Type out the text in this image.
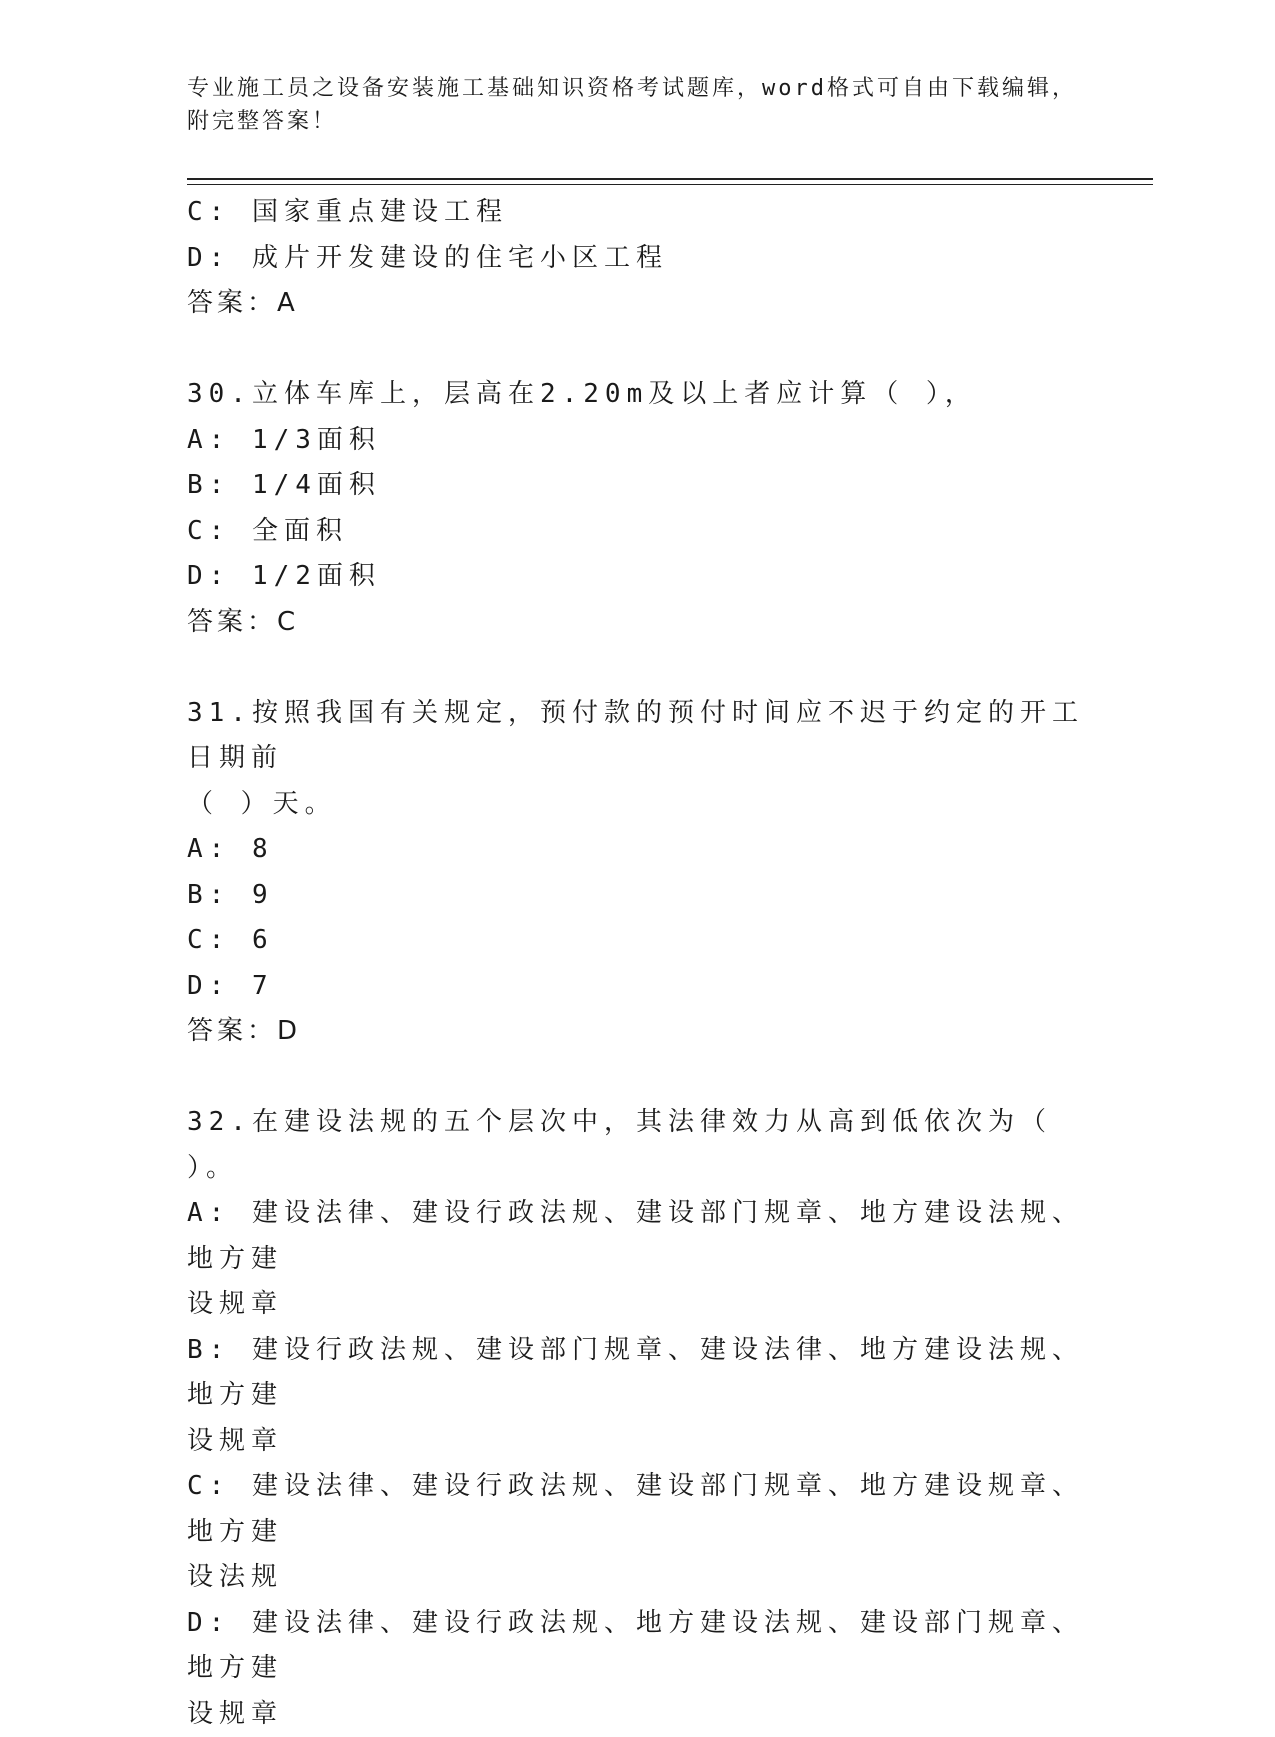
专业施工员之设备安装施工基础知识资格考试题库，word格式可自由下载编辑，
附完整答案！
C: 国家重点建设工程
D: 成片开发建设的住宅小区工程
答案：A
30.立体车库上，层高在2.20m及以上者应计算（ ），
A: 1/3面积
B: 1/4面积
C: 全面积
D: 1/2面积
答案：C
31.按照我国有关规定，预付款的预付时间应不迟于约定的开工日期前
（ ）天。
A: 8
B: 9
C: 6
D: 7
答案：D
32.在建设法规的五个层次中，其法律效力从高到低依次为（ ）。
A: 建设法律、建设行政法规、建设部门规章、地方建设法规、地方建
设规章
B: 建设行政法规、建设部门规章、建设法律、地方建设法规、地方建
设规章
C: 建设法律、建设行政法规、建设部门规章、地方建设规章、地方建
设法规
D: 建设法律、建设行政法规、地方建设法规、建设部门规章、地方建
设规章
